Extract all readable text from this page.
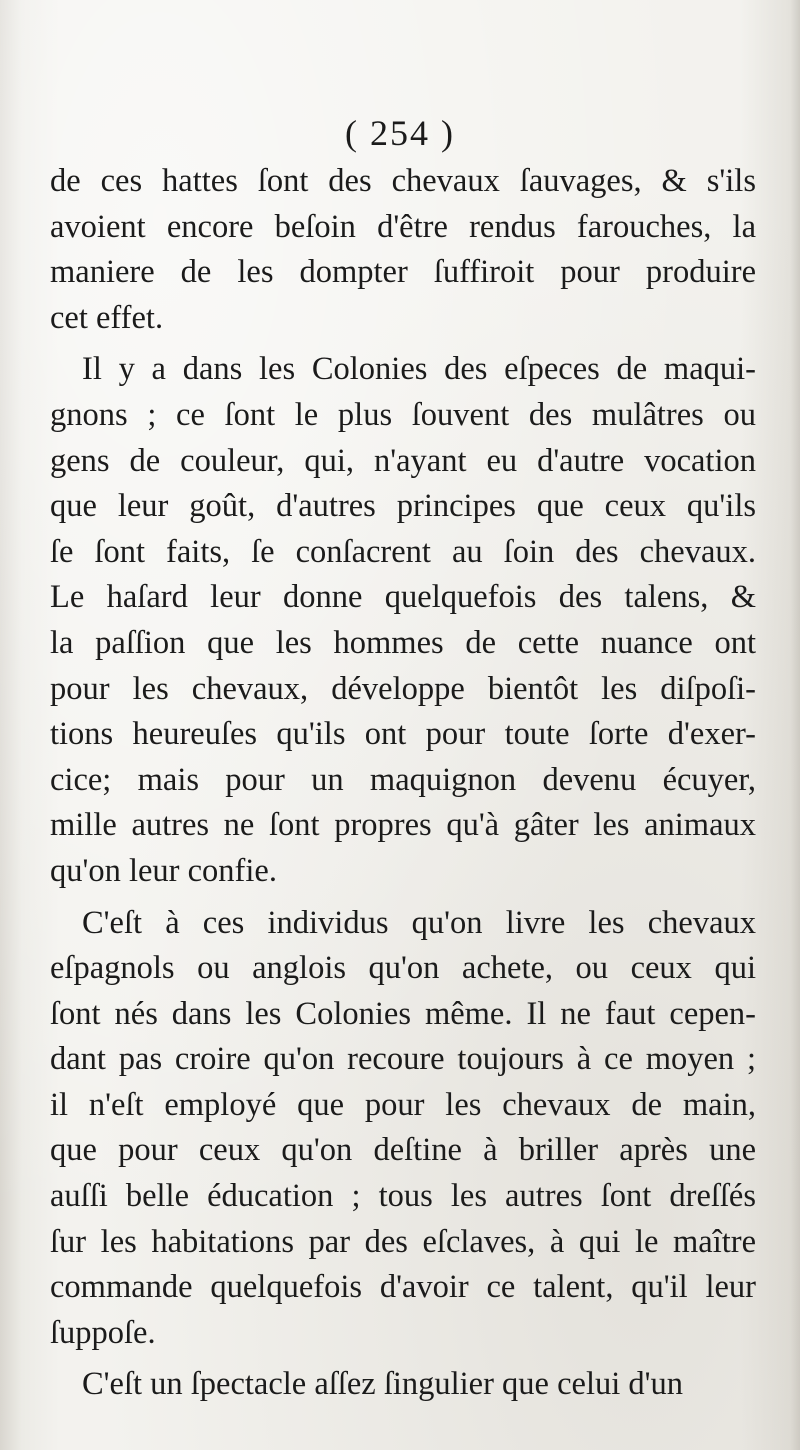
( 254 )
de ces hattes ſont des chevaux ſauvages, & s'ils
avoient encore beſoin d'être rendus farouches, la
maniere de les dompter ſuffiroit pour produire
cet effet.
Il y a dans les Colonies des eſpeces de maqui-
gnons ; ce ſont le plus ſouvent des mulâtres ou
gens de couleur, qui, n'ayant eu d'autre vocation
que leur goût, d'autres principes que ceux qu'ils
ſe ſont faits, ſe conſacrent au ſoin des chevaux.
Le haſard leur donne quelquefois des talens, &
la paſſion que les hommes de cette nuance ont
pour les chevaux, développe bientôt les diſpoſi-
tions heureuſes qu'ils ont pour toute ſorte d'exer-
cice; mais pour un maquignon devenu écuyer,
mille autres ne ſont propres qu'à gâter les animaux
qu'on leur confie.
C'eſt à ces individus qu'on livre les chevaux
eſpagnols ou anglois qu'on achete, ou ceux qui
ſont nés dans les Colonies même. Il ne faut cepen-
dant pas croire qu'on recoure toujours à ce moyen ;
il n'eſt employé que pour les chevaux de main,
que pour ceux qu'on deſtine à briller après une
auſſi belle éducation ; tous les autres ſont dreſſés
ſur les habitations par des eſclaves, à qui le maître
commande quelquefois d'avoir ce talent, qu'il leur
ſuppoſe.
C'eſt un ſpectacle aſſez ſingulier que celui d'un
